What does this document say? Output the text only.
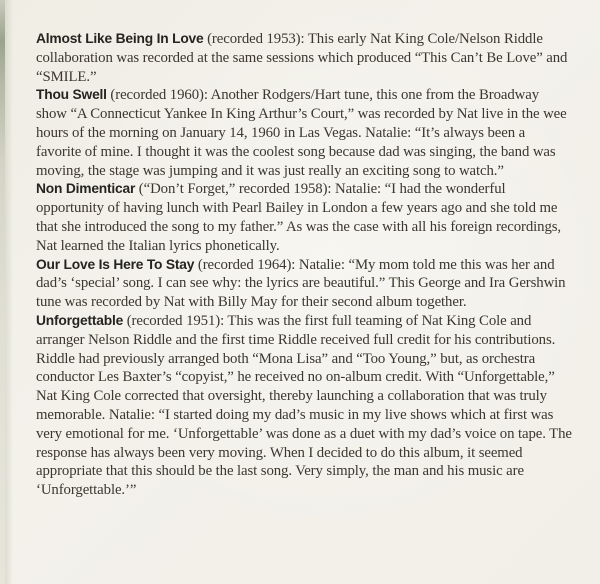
Almost Like Being In Love (recorded 1953): This early Nat King Cole/Nelson Riddle collaboration was recorded at the same sessions which produced “This Can’t Be Love” and “SMILE.”

Thou Swell (recorded 1960): Another Rodgers/Hart tune, this one from the Broadway show “A Connecticut Yankee In King Arthur’s Court,” was recorded by Nat live in the wee hours of the morning on January 14, 1960 in Las Vegas. Natalie: “It’s always been a favorite of mine. I thought it was the coolest song because dad was singing, the band was moving, the stage was jumping and it was just really an exciting song to watch.”

Non Dimenticar (“Don’t Forget,” recorded 1958): Natalie: “I had the wonderful opportunity of having lunch with Pearl Bailey in London a few years ago and she told me that she introduced the song to my father.” As was the case with all his foreign recordings, Nat learned the Italian lyrics phonetically.

Our Love Is Here To Stay (recorded 1964): Natalie: “My mom told me this was her and dad’s ‘special’ song. I can see why: the lyrics are beautiful.” This George and Ira Gershwin tune was recorded by Nat with Billy May for their second album together.

Unforgettable (recorded 1951): This was the first full teaming of Nat King Cole and arranger Nelson Riddle and the first time Riddle received full credit for his contributions. Riddle had previously arranged both “Mona Lisa” and “Too Young,” but, as orchestra conductor Les Baxter’s “copyist,” he received no on-album credit. With “Unforgettable,” Nat King Cole corrected that oversight, thereby launching a collaboration that was truly memorable. Natalie: “I started doing my dad’s music in my live shows which at first was very emotional for me. ‘Unforgettable’ was done as a duet with my dad’s voice on tape. The response has always been very moving. When I decided to do this album, it seemed appropriate that this should be the last song. Very simply, the man and his music are ‘Unforgettable.’”
